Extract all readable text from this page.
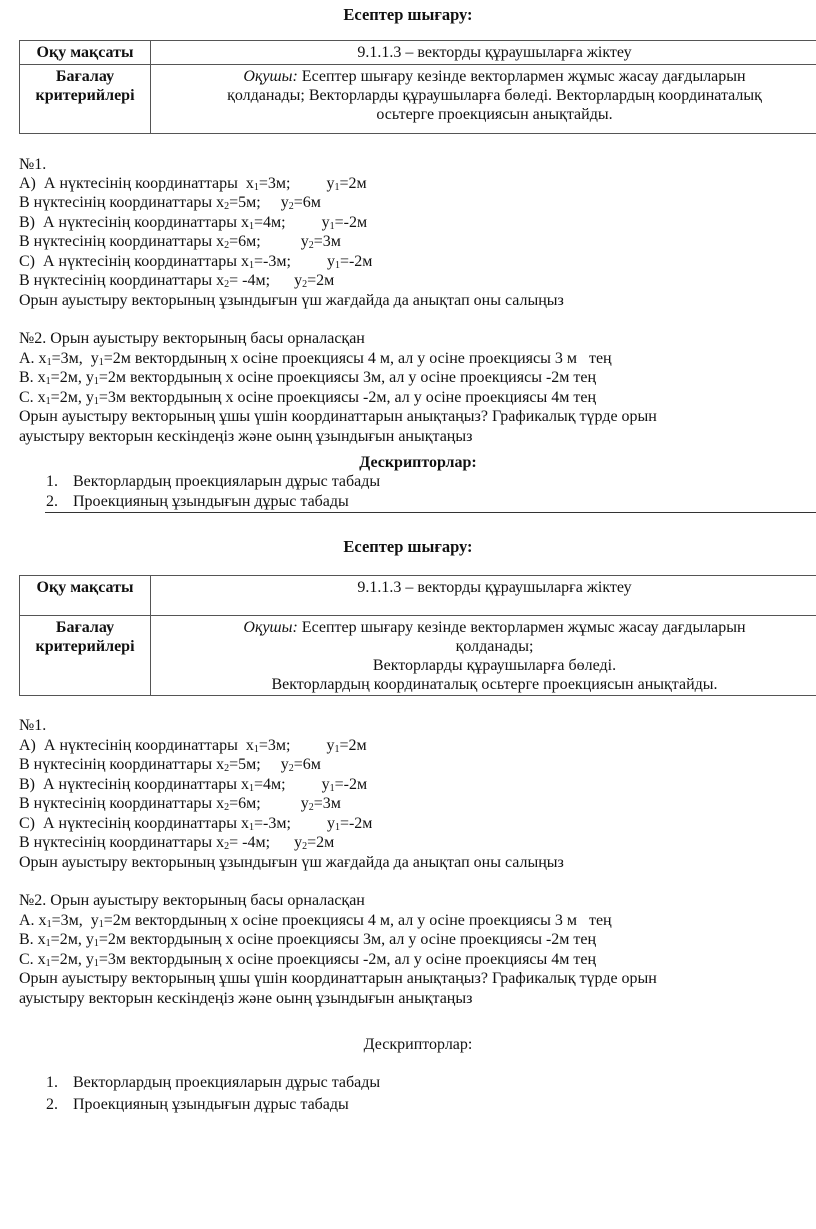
Есептер шығару:
Оқу мақсаты	9.1.1.3 – векторды құраушыларға жіктеу
Бағалау
критерийлері	Оқушы: Есептер шығару кезінде векторлармен жұмыс жасау дағдыларын
қолданады; Векторларды құраушыларға бөледі. Векторлардың координаталық
осьтерге проекциясын анықтайды.
№1.
А)  А нүктесінің координаттары  $x_1=3м$;         $y_1=2м$
В нүктесінің координаттары $x_2=5м$;     $y_2=6м$
В)  А нүктесінің координаттары $x_1=4м$;         $y_1=-2м$
В нүктесінің координаттары $x_2=6м$;          $y_2=3м$
С)  А нүктесінің координаттары $x_1=-3м$;         $y_1=-2м$
В нүктесінің координаттары $x_2= -4м$;      $y_2=2м$
Орын ауыстыру векторының ұзындығын үш жағдайда да анықтап оны салыңыз
№2. Орын ауыстыру векторының басы орналасқан
А. $x_1=3м$,  $y_1=2м$ вектордының x осіне проекциясы 4 м, ал y осіне проекциясы 3 м   тең
В. $x_1=2м$, $y_1=2м$ вектордының x осіне проекциясы 3м, ал y осіне проекциясы -2м тең
С. $x_1=2м$, $y_1=3м$ вектордының x осіне проекциясы -2м, ал y осіне проекциясы 4м тең
Орын ауыстыру векторының ұшы үшін координаттарын анықтаңыз? Графикалық түрде орын
ауыстыру векторын кескіндеңіз және оынң ұзындығын анықтаңыз
Дескрипторлар:
1. Векторлардың проекцияларын дұрыс табады
2. Проекцияның ұзындығын дұрыс табады
Есептер шығару:
Оқу мақсаты	9.1.1.3 – векторды құраушыларға жіктеу
Бағалау
критерийлері	Оқушы: Есептер шығару кезінде векторлармен жұмыс жасау дағдыларын
қолданады;
Векторларды құраушыларға бөледі.
Векторлардың координаталық осьтерге проекциясын анықтайды.
№1.
А)  А нүктесінің координаттары  $x_1=3м$;         $y_1=2м$
В нүктесінің координаттары $x_2=5м$;     $y_2=6м$
В)  А нүктесінің координаттары $x_1=4м$;         $y_1=-2м$
В нүктесінің координаттары $x_2=6м$;          $y_2=3м$
С)  А нүктесінің координаттары $x_1=-3м$;         $y_1=-2м$
В нүктесінің координаттары $x_2= -4м$;      $y_2=2м$
Орын ауыстыру векторының ұзындығын үш жағдайда да анықтап оны салыңыз
№2. Орын ауыстыру векторының басы орналасқан
А. $x_1=3м$,  $y_1=2м$ вектордының x осіне проекциясы 4 м, ал y осіне проекциясы 3 м   тең
В. $x_1=2м$, $y_1=2м$ вектордының x осіне проекциясы 3м, ал y осіне проекциясы -2м тең
С. $x_1=2м$, $y_1=3м$ вектордының x осіне проекциясы -2м, ал y осіне проекциясы 4м тең
Орын ауыстыру векторының ұшы үшін координаттарын анықтаңыз? Графикалық түрде орын
ауыстыру векторын кескіндеңіз және оынң ұзындығын анықтаңыз
Дескрипторлар:
1. Векторлардың проекцияларын дұрыс табады
2. Проекцияның ұзындығын дұрыс табады
